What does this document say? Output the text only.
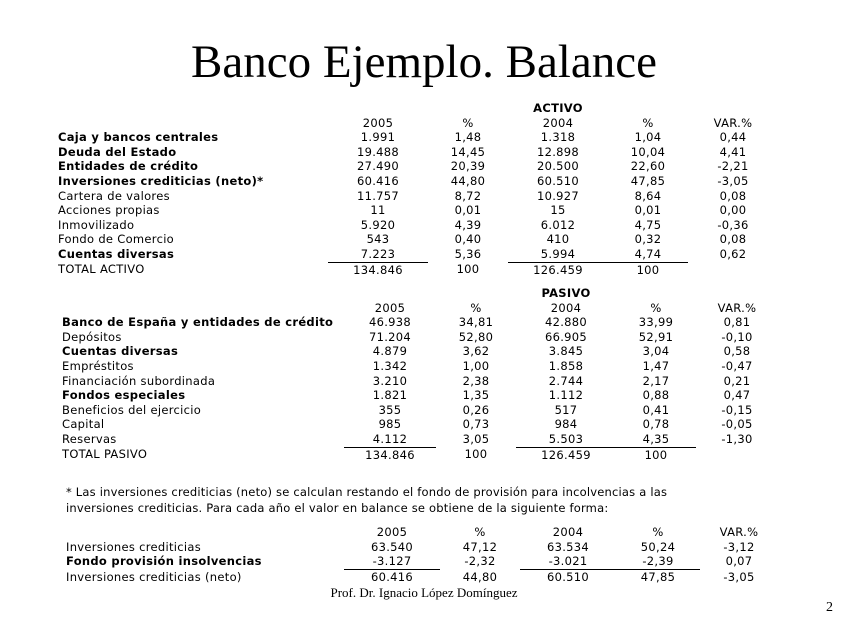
Banco Ejemplo. Balance
			ACTIVO		
	2005	%	2004	%	VAR.%
Caja y bancos centrales	1.991	1,48	1.318	1,04	0,44
Deuda del Estado	19.488	14,45	12.898	10,04	4,41
Entidades de crédito	27.490	20,39	20.500	22,60	-2,21
Inversiones crediticias (neto)*	60.416	44,80	60.510	47,85	-3,05
Cartera de valores	11.757	8,72	10.927	8,64	0,08
Acciones propias	11	0,01	15	0,01	0,00
Inmovilizado	5.920	4,39	6.012	4,75	-0,36
Fondo de Comercio	543	0,40	410	0,32	0,08
Cuentas diversas	7.223	5,36	5.994	4,74	0,62
TOTAL ACTIVO	134.846	100	126.459	100	
			PASIVO		
	2005	%	2004	%	VAR.%
Banco de España y entidades de crédito	46.938	34,81	42.880	33,99	0,81
Depósitos	71.204	52,80	66.905	52,91	-0,10
Cuentas diversas	4.879	3,62	3.845	3,04	0,58
Empréstitos	1.342	1,00	1.858	1,47	-0,47
Financiación subordinada	3.210	2,38	2.744	2,17	0,21
Fondos especiales	1.821	1,35	1.112	0,88	0,47
Beneficios del ejercicio	355	0,26	517	0,41	-0,15
Capital	985	0,73	984	0,78	-0,05
Reservas	4.112	3,05	5.503	4,35	-1,30
TOTAL PASIVO	134.846	100	126.459	100	

* Las inversiones crediticias (neto) se calculan restando el fondo de provisión para incolvencias a las

inversiones crediticias. Para cada año el valor en balance se obtiene de la siguiente forma:

	2005	%	2004	%	VAR.%
Inversiones crediticias	63.540	47,12	63.534	50,24	-3,12
Fondo provisión insolvencias	-3.127	-2,32	-3.021	-2,39	0,07
Inversiones crediticias (neto)	60.416	44,80	60.510	47,85	-3,05
Prof. Dr. Ignacio López Domínguez
2
